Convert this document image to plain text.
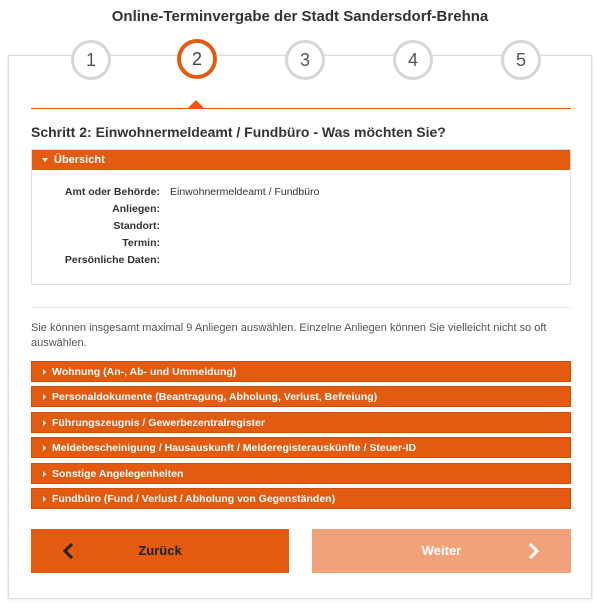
Online-Terminvergabe der Stadt Sandersdorf-Brehna
1	2	3	4	5
Schritt 2: Einwohnermeldeamt / Fundbüro - Was möchten Sie?
Übersicht
Amt oder Behörde: Einwohnermeldeamt / Fundbüro
Anliegen:
Standort:
Termin:
Persönliche Daten:
Sie können insgesamt maximal 9 Anliegen auswählen. Einzelne Anliegen können Sie vielleicht nicht so oft auswählen.
Wohnung (An-, Ab- und Ummeldung)
Personaldokumente (Beantragung, Abholung, Verlust, Befreiung)
Führungszeugnis / Gewerbezentralregister
Meldebescheinigung / Hausauskunft / Melderegisterauskünfte / Steuer-ID
Sonstige Angelegenheiten
Fundbüro (Fund / Verlust / Abholung von Gegenständen)
Zurück	Weiter
